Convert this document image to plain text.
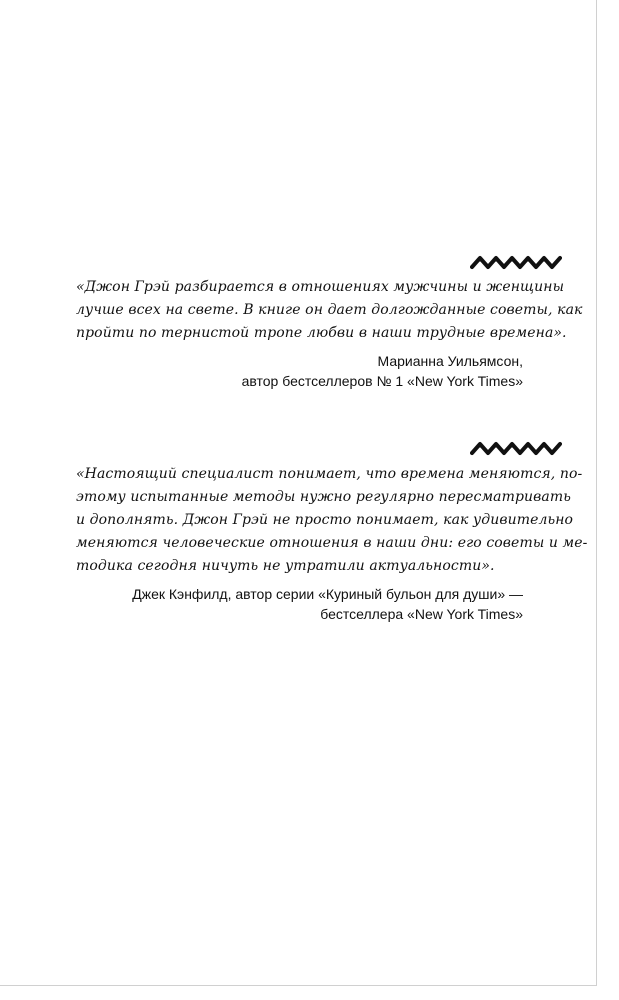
«Джон Грэй разбирается в отношениях мужчины и женщины
лучше всех на свете. В книге он дает долгожданные советы, как
пройти по тернистой тропе любви в наши трудные времена».
Марианна Уильямсон,
автор бестселлеров № 1 «New York Times»
«Настоящий специалист понимает, что времена меняются, по-
этому испытанные методы нужно регулярно пересматривать
и дополнять. Джон Грэй не просто понимает, как удивительно
меняются человеческие отношения в наши дни: его советы и ме-
тодика сегодня ничуть не утратили актуальности».
Джек Кэнфилд, автор серии «Куриный бульон для души» —
бестселлера «New York Times»
